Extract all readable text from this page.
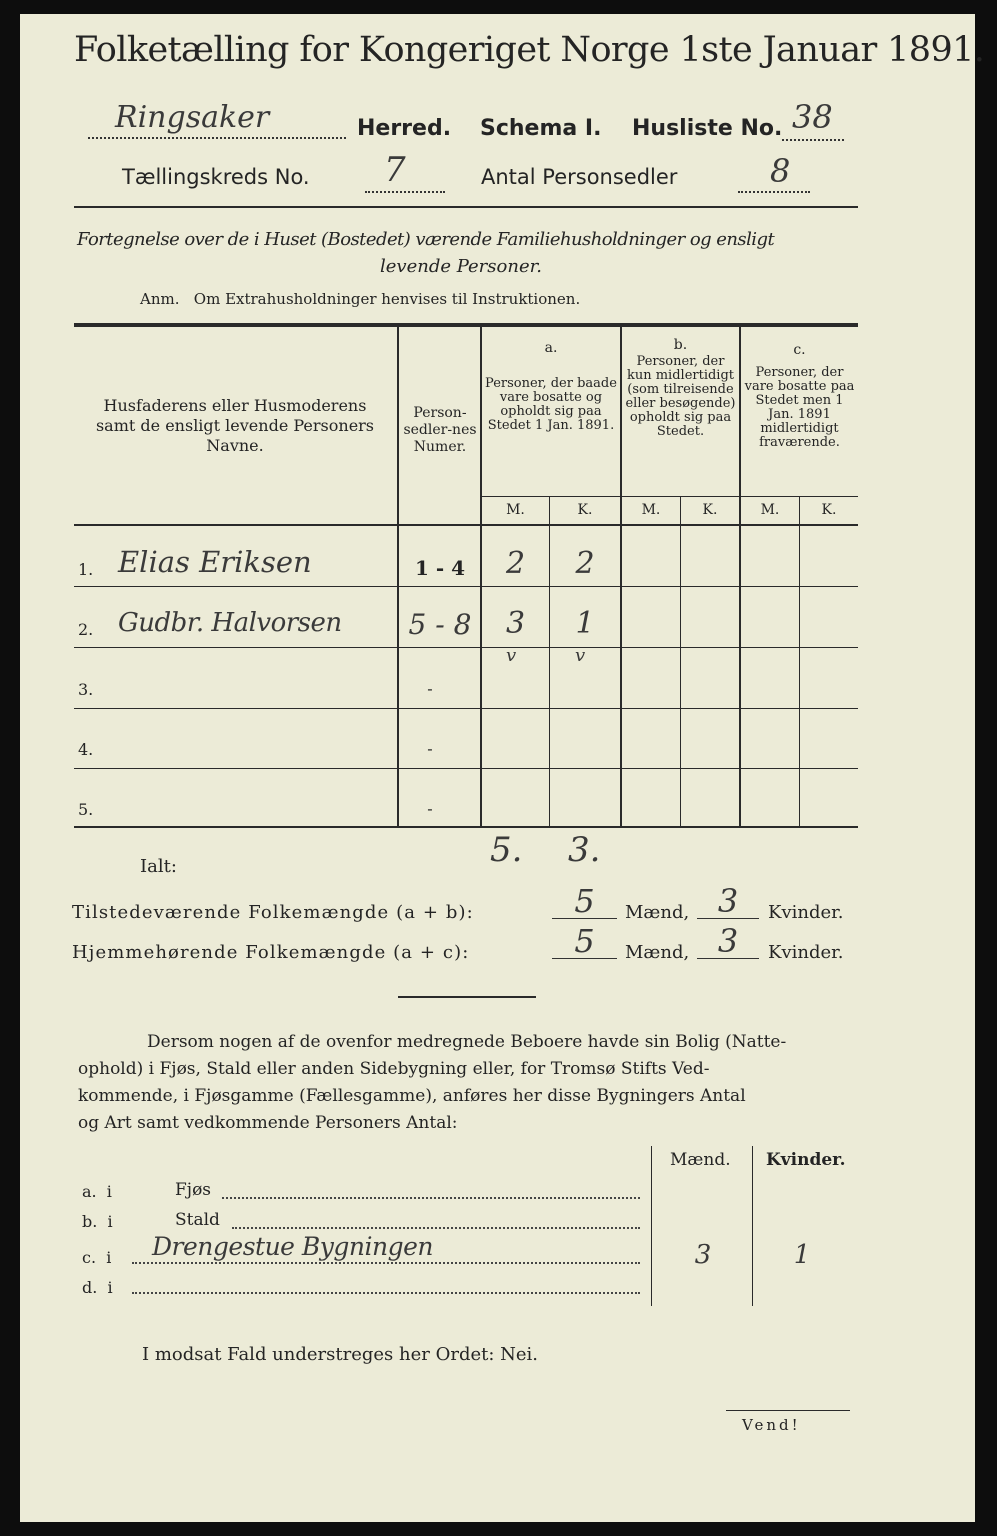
Folketælling for Kongeriget Norge 1ste Januar 1891.
Ringsaker	Herred. Schema I. Husliste No. 38
Tællingskreds No. 7	Antal Personsedler	8
Fortegnelse over de i Huset (Bostedet) værende Familiehusholdninger og ensligt
levende Personer.
Anm.   Om Extrahusholdninger henvises til Instruktionen.
Husfaderens eller Husmoderens samt de ensligt levende Personers Navne.
Person-sedler-nes Numer.
a.
Personer, der baade vare bosatte og opholdt sig paa Stedet 1 Jan. 1891.
b.
Personer, der kun midlertidigt (som tilreisende eller besøgende) opholdt sig paa Stedet.
c.
Personer, der vare bosatte paa Stedet men 1 Jan. 1891 midlertidigt fraværende.
M.	K.	M.	K.	M.	K.
1. Elias Eriksen	1 - 4	2	2
2. Gudbr. Halvorsen	5 - 8	3	1
v	v
3.	-
4.	-
5.	-
Ialt:	5. 3.
Tilstedeværende Folkemængde (a + b):	5	Mænd, 3	Kvinder.
Hjemmehørende Folkemængde (a + c):	5	Mænd, 3	Kvinder.
Dersom nogen af de ovenfor medregnede Beboere havde sin Bolig (Natte-
ophold) i Fjøs, Stald eller anden Sidebygning eller, for Tromsø Stifts Ved-
kommende, i Fjøsgamme (Fællesgamme), anføres her disse Bygningers Antal
og Art samt vedkommende Personers Antal:
Mænd. Kvinder.
a.  i	Fjøs
b.  i	Stald
c.  i Drengestue Bygningen	3	1
d.  i
I modsat Fald understreges her Ordet: Nei.
Vend!
